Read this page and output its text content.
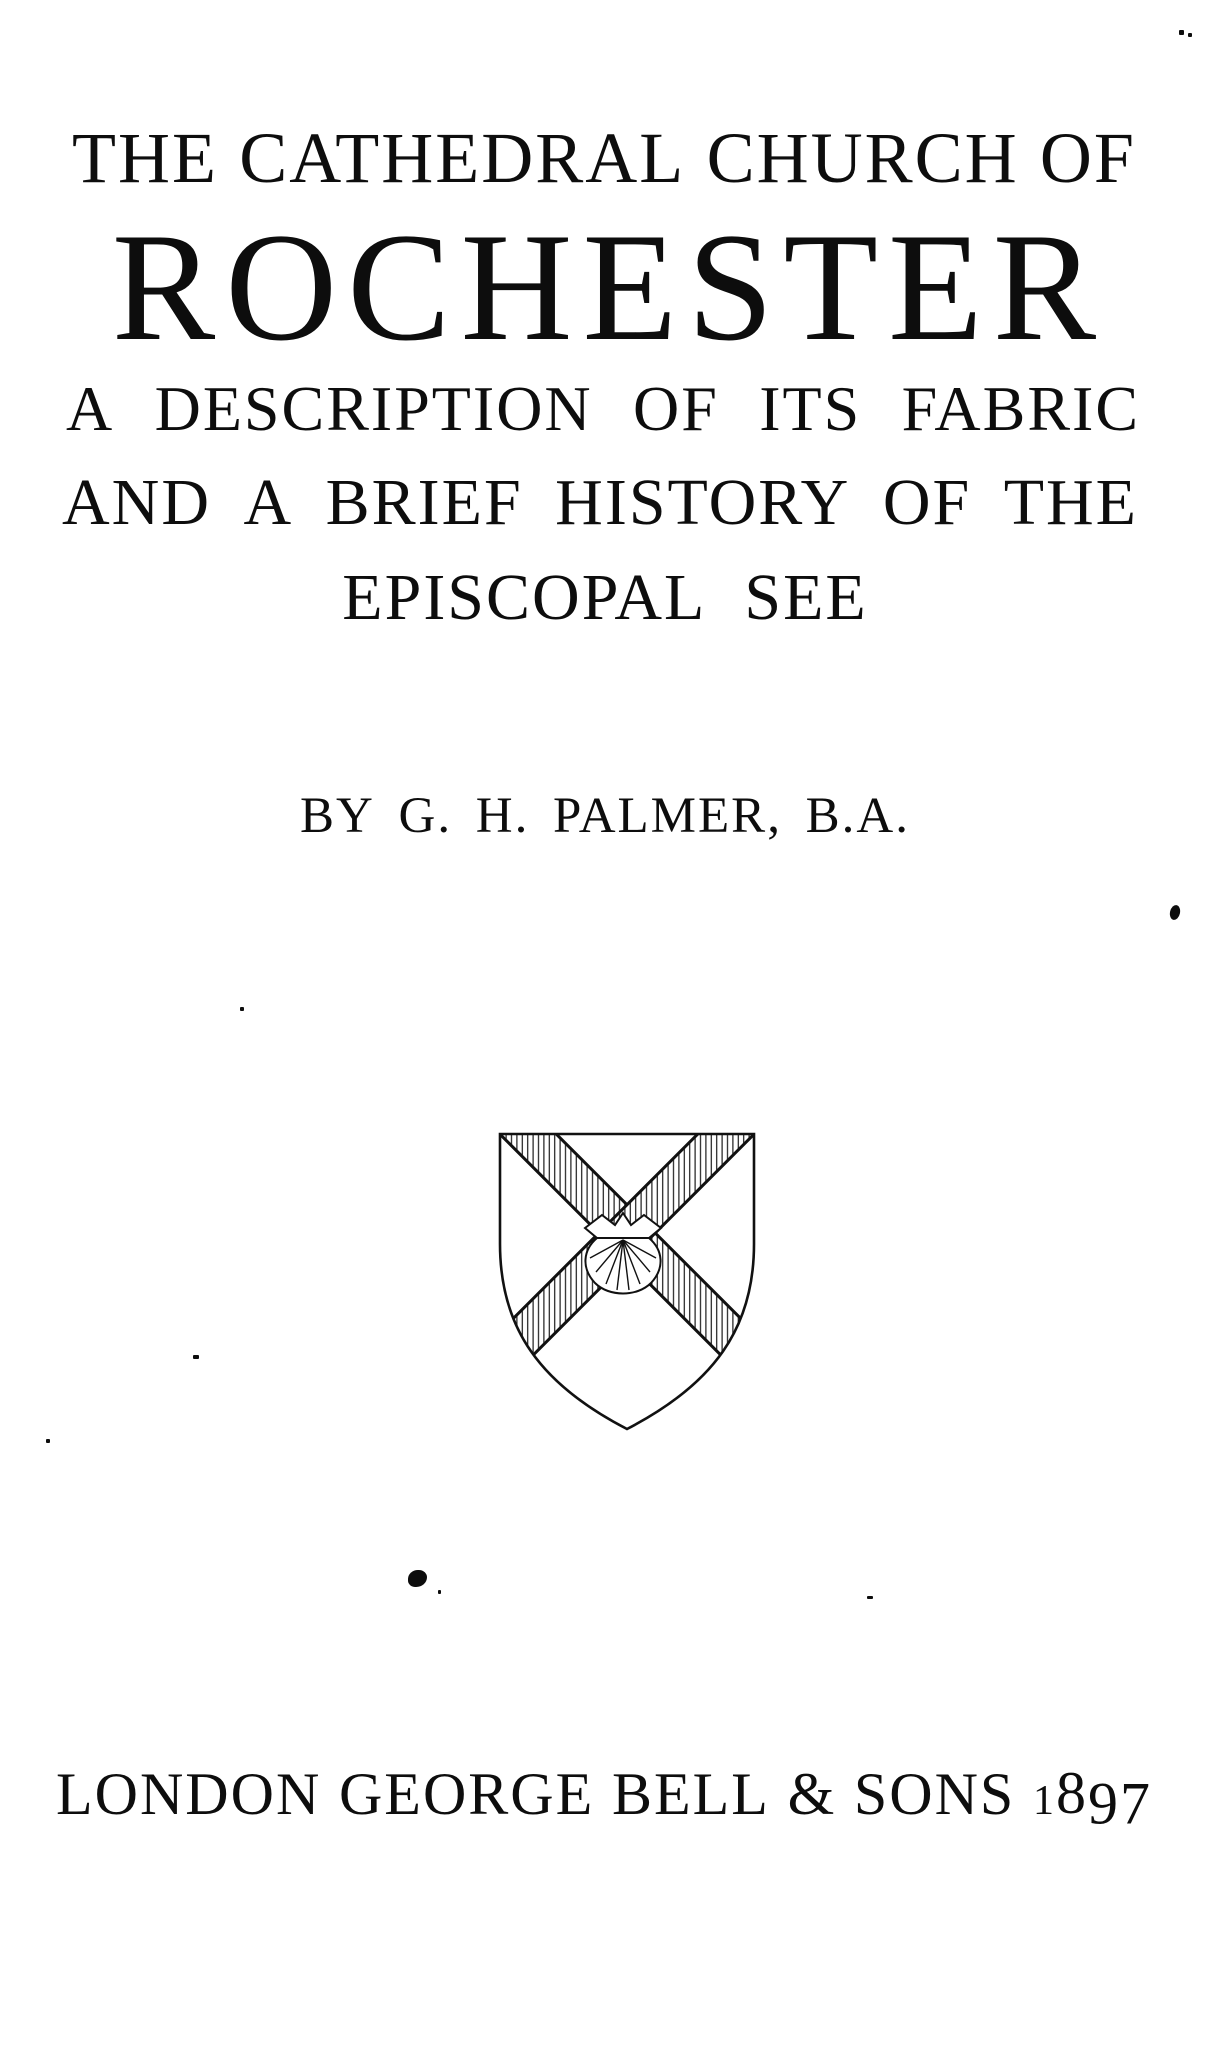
THE CATHEDRAL CHURCH OF
ROCHESTER
A DESCRIPTION OF ITS FABRIC
AND A BRIEF HISTORY OF THE
EPISCOPAL SEE
BY G. H. PALMER, B.A.
LONDON GEORGE BELL & SONS 1897
